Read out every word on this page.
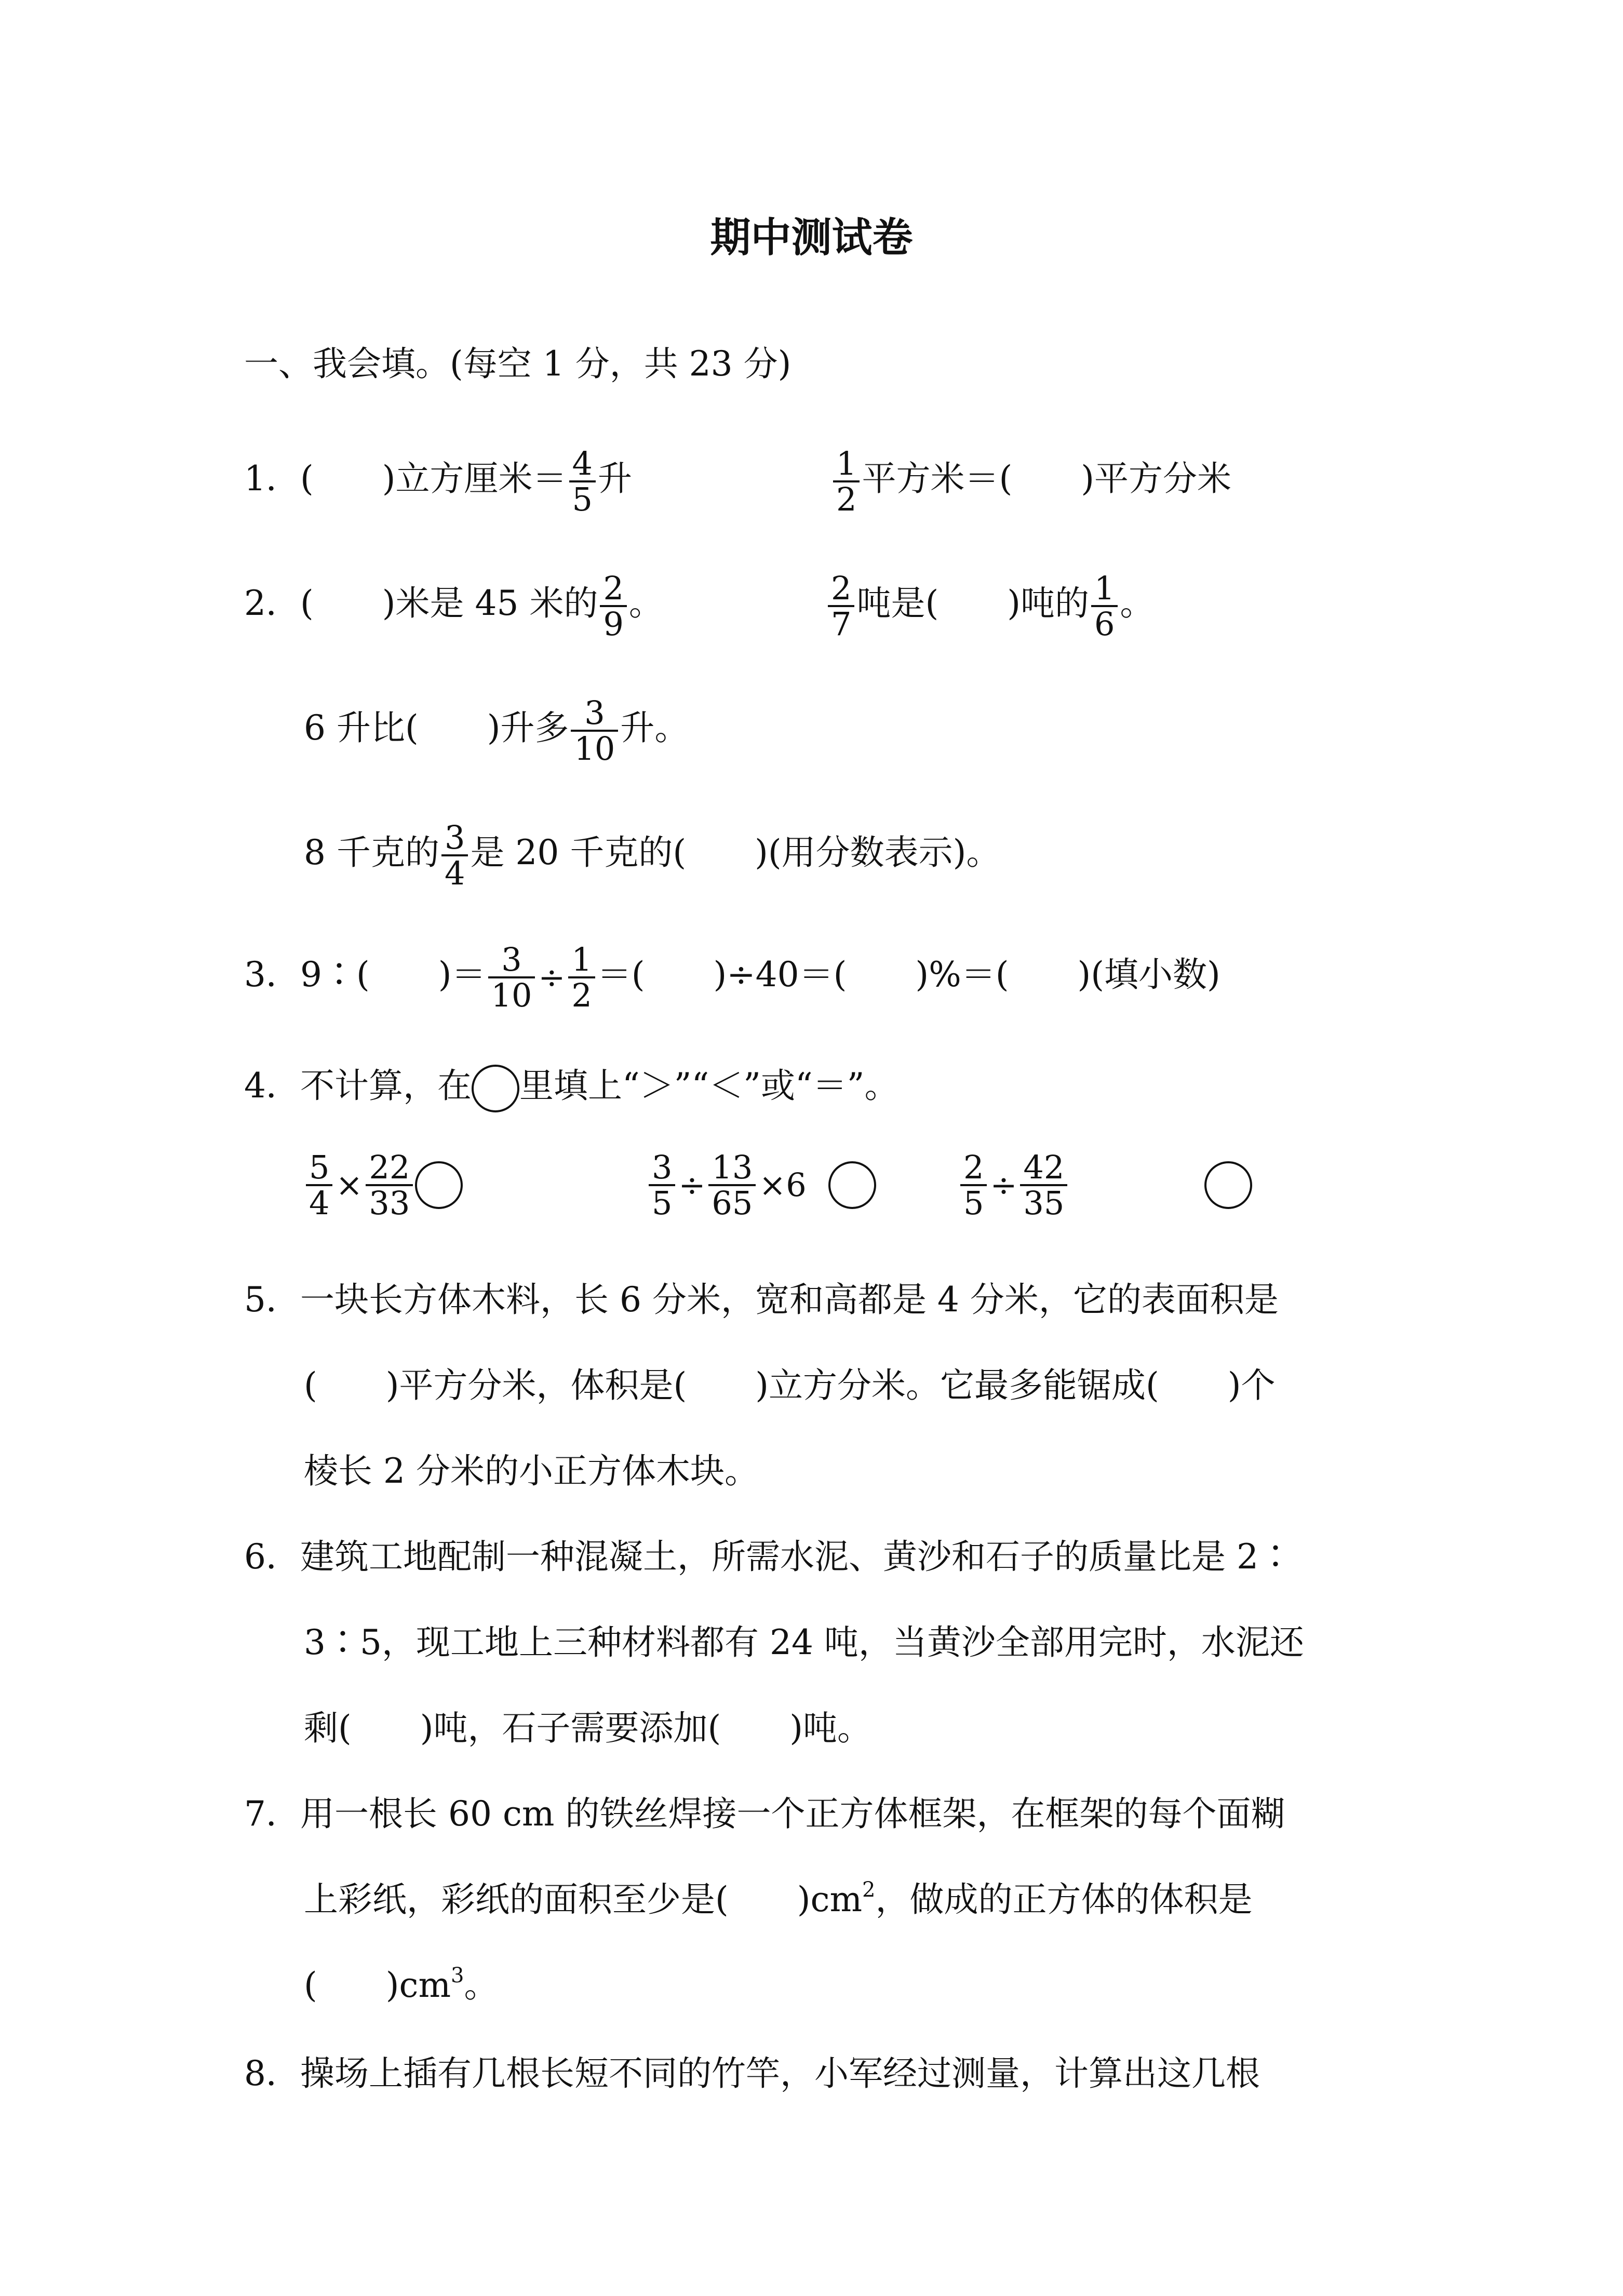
期中测试卷
一、我会填。(每空 1 分，共 23 分)
1．(　　)立方厘米＝ $\frac{4}{5}$ 升	$\frac{1}{2}$ 平方米＝(　　)平方分米
2．(　　)米是 45 米的 $\frac{2}{9}$ 。	$\frac{2}{7}$ 吨是(　　)吨的 $\frac{1}{6}$ 。
6 升比(　　)升多 $\frac{3}{10}$ 升。
8 千克的 $\frac{3}{4}$ 是 20 千克的(　　)(用分数表示)。
3．9∶(　　)＝ $\frac{3}{10} \div \frac{1}{2}$ ＝(　　)÷40＝(　　)%＝(　　)(填小数)
4．不计算，在 里填上“＞”“＜”或“＝”。
$\frac{5}{4} \times \frac{22}{33}$	$\frac{3}{5} \div \frac{13}{65} \times 6$	$\frac{2}{5} \div \frac{42}{35}$
5．一块长方体木料，长 6 分米，宽和高都是 4 分米，它的表面积是
(　　)平方分米，体积是(　　)立方分米。它最多能锯成(　　)个
棱长 2 分米的小正方体木块。
6．建筑工地配制一种混凝土，所需水泥、黄沙和石子的质量比是 2∶
3∶5，现工地上三种材料都有 24 吨，当黄沙全部用完时，水泥还
剩(　　)吨，石子需要添加(　　)吨。
7．用一根长 60 cm 的铁丝焊接一个正方体框架，在框架的每个面糊
上彩纸，彩纸的面积至少是(　　)$cm^2$，做成的正方体的体积是
(　　)$cm^3$。
8．操场上插有几根长短不同的竹竿，小军经过测量，计算出这几根
